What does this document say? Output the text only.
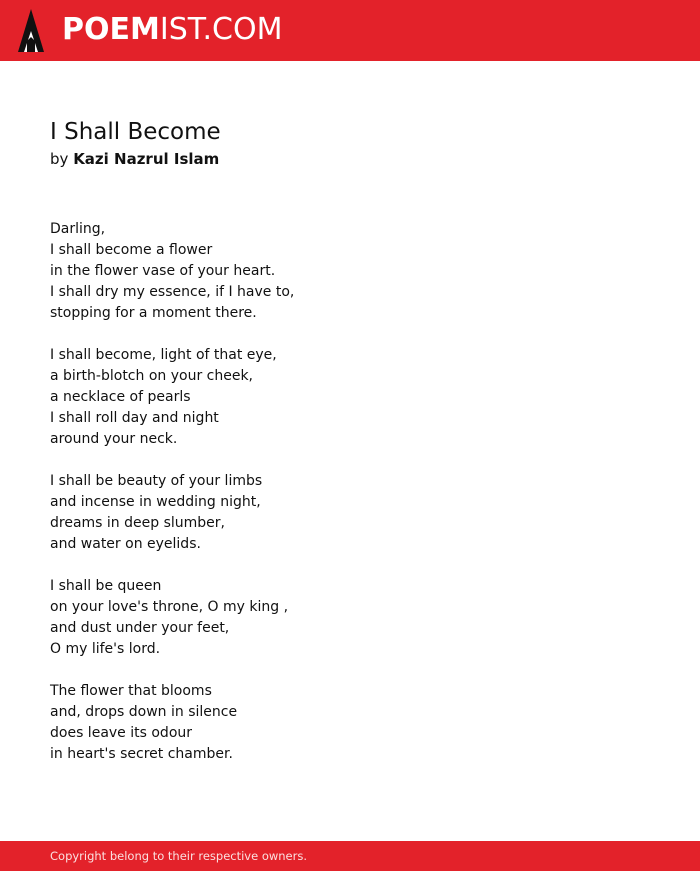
POEMIST.COM
I Shall Become
by Kazi Nazrul Islam
Darling,
I shall become a flower
in the flower vase of your heart.
I shall dry my essence, if I have to,
stopping for a moment there.
I shall become, light of that eye,
a birth-blotch on your cheek,
a necklace of pearls
I shall roll day and night
around your neck.
I shall be beauty of your limbs
and incense in wedding night,
dreams in deep slumber,
and water on eyelids.
I shall be queen
on your love's throne, O my king ,
and dust under your feet,
O my life's lord.
The flower that blooms
and, drops down in silence
does leave its odour
in heart's secret chamber.
Copyright belong to their respective owners.
